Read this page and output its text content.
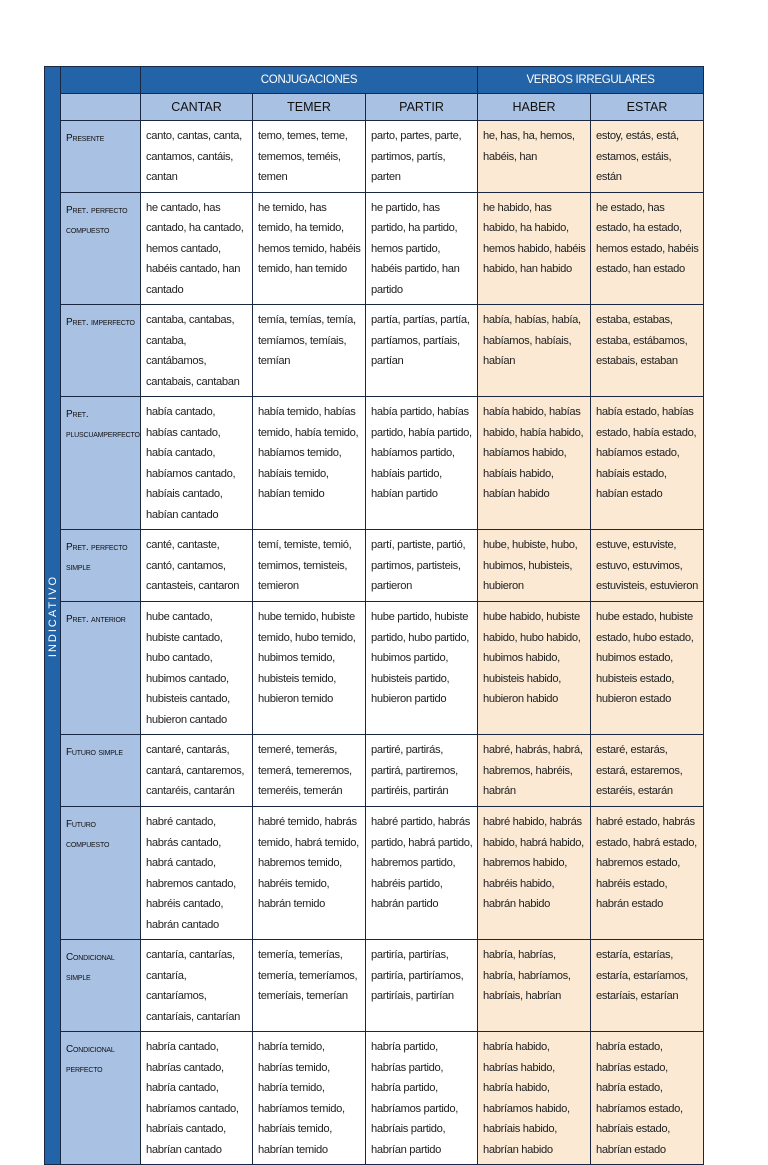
INDICATIVO		CONJUGACIONES			VERBOS IRREGULARES	
		CANTAR	TEMER	PARTIR	HABER	ESTAR
	Presente	canto, cantas, canta, cantamos, cantáis, cantan	temo, temes, teme, tememos, teméis, temen	parto, partes, parte, partimos, partís, parten	he, has, ha, hemos, habéis, han	estoy, estás, está, estamos, estáis, están
	Pret. perfecto compuesto	he cantado, has cantado, ha cantado, hemos cantado, habéis cantado, han cantado	he temido, has temido, ha temido, hemos temido, habéis temido, han temido	he partido, has partido, ha partido, hemos partido, habéis partido, han partido	he habido, has habido, ha habido, hemos habido, habéis habido, han habido	he estado, has estado, ha estado, hemos estado, habéis estado, han estado
	Pret. imperfecto	cantaba, cantabas, cantaba, cantábamos, cantabais, cantaban	temía, temías, temía, temíamos, temíais, temían	partía, partías, partía, partíamos, partíais, partían	había, habías, había, habíamos, habíais, habían	estaba, estabas, estaba, estábamos, estabais, estaban
	Pret. pluscuamperfecto	había cantado, habías cantado, había cantado, habíamos cantado, habíais cantado, habían cantado	había temido, habías temido, había temido, habíamos temido, habíais temido, habían temido	había partido, habías partido, había partido, habíamos partido, habíais partido, habían partido	había habido, habías habido, había habido, habíamos habido, habíais habido, habían habido	había estado, habías estado, había estado, habíamos estado, habíais estado, habían estado
	Pret. perfecto simple	canté, cantaste, cantó, cantamos, cantasteis, cantaron	temí, temiste, temió, temimos, temisteis, temieron	partí, partiste, partió, partimos, partisteis, partieron	hube, hubiste, hubo, hubimos, hubisteis, hubieron	estuve, estuviste, estuvo, estuvimos, estuvisteis, estuvieron
	Pret. anterior	hube cantado, hubiste cantado, hubo cantado, hubimos cantado, hubisteis cantado, hubieron cantado	hube temido, hubiste temido, hubo temido, hubimos temido, hubisteis temido, hubieron temido	hube partido, hubiste partido, hubo partido, hubimos partido, hubisteis partido, hubieron partido	hube habido, hubiste habido, hubo habido, hubimos habido, hubisteis habido, hubieron habido	hube estado, hubiste estado, hubo estado, hubimos estado, hubisteis estado, hubieron estado
	Futuro simple	cantaré, cantarás, cantará, cantaremos, cantaréis, cantarán	temeré, temerás, temerá, temeremos, temeréis, temerán	partiré, partirás, partirá, partiremos, partiréis, partirán	habré, habrás, habrá, habremos, habréis, habrán	estaré, estarás, estará, estaremos, estaréis, estarán
	Futuro compuesto	habré cantado, habrás cantado, habrá cantado, habremos cantado, habréis cantado, habrán cantado	habré temido, habrás temido, habrá temido, habremos temido, habréis temido, habrán temido	habré partido, habrás partido, habrá partido, habremos partido, habréis partido, habrán partido	habré habido, habrás habido, habrá habido, habremos habido, habréis habido, habrán habido	habré estado, habrás estado, habrá estado, habremos estado, habréis estado, habrán estado
	Condicional simple	cantaría, cantarías, cantaría, cantaríamos, cantaríais, cantarían	temería, temerías, temería, temeríamos, temeríais, temerían	partiría, partirías, partiría, partiríamos, partiríais, partirían	habría, habrías, habría, habríamos, habríais, habrían	estaría, estarías, estaría, estaríamos, estaríais, estarían
	Condicional perfecto	habría cantado, habrías cantado, habría cantado, habríamos cantado, habríais cantado, habrían cantado	habría temido, habrías temido, habría temido, habríamos temido, habríais temido, habrían temido	habría partido, habrías partido, habría partido, habríamos partido, habríais partido, habrían partido	habría habido, habrías habido, habría habido, habríamos habido, habríais habido, habrían habido	habría estado, habrías estado, habría estado, habríamos estado, habríais estado, habrían estado
